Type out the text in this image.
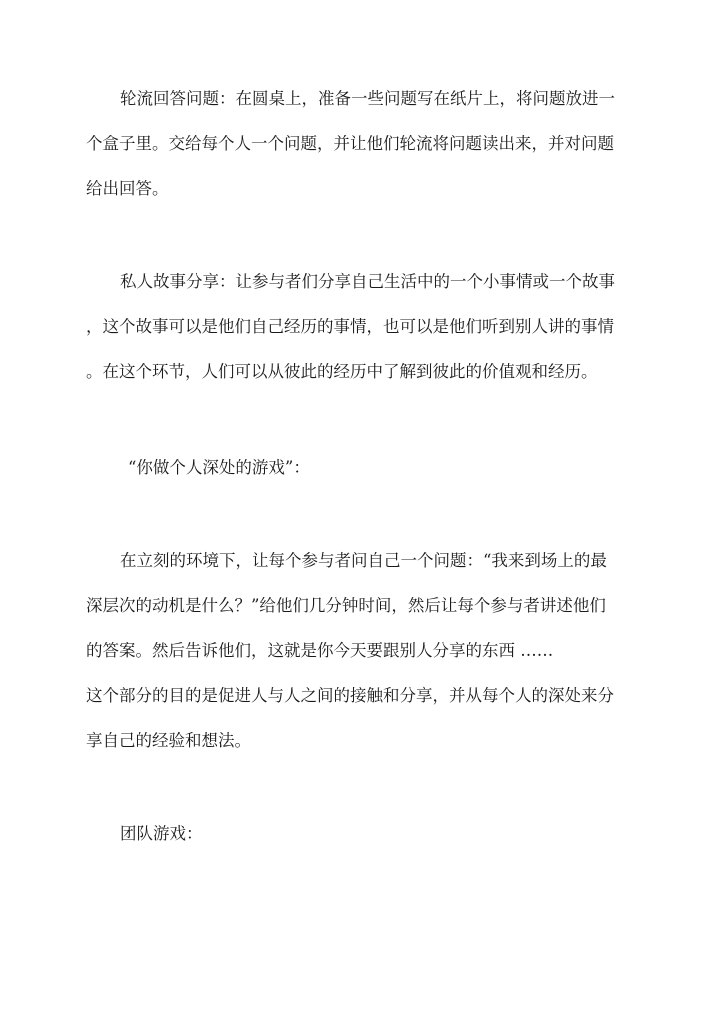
轮流回答问题：在圆桌上，准备一些问题写在纸片上，将问题放进一
个盒子里。交给每个人一个问题，并让他们轮流将问题读出来，并对问题
给出回答。
私人故事分享：让参与者们分享自己生活中的一个小事情或一个故事
，这个故事可以是他们自己经历的事情，也可以是他们听到别人讲的事情
。在这个环节，人们可以从彼此的经历中了解到彼此的价值观和经历。
“你做个人深处的游戏”：
在立刻的环境下，让每个参与者问自己一个问题：“我来到场上的最
深层次的动机是什么？”给他们几分钟时间，然后让每个参与者讲述他们
的答案。然后告诉他们，这就是你今天要跟别人分享的东西 ……
这个部分的目的是促进人与人之间的接触和分享，并从每个人的深处来分
享自己的经验和想法。
团队游戏：
